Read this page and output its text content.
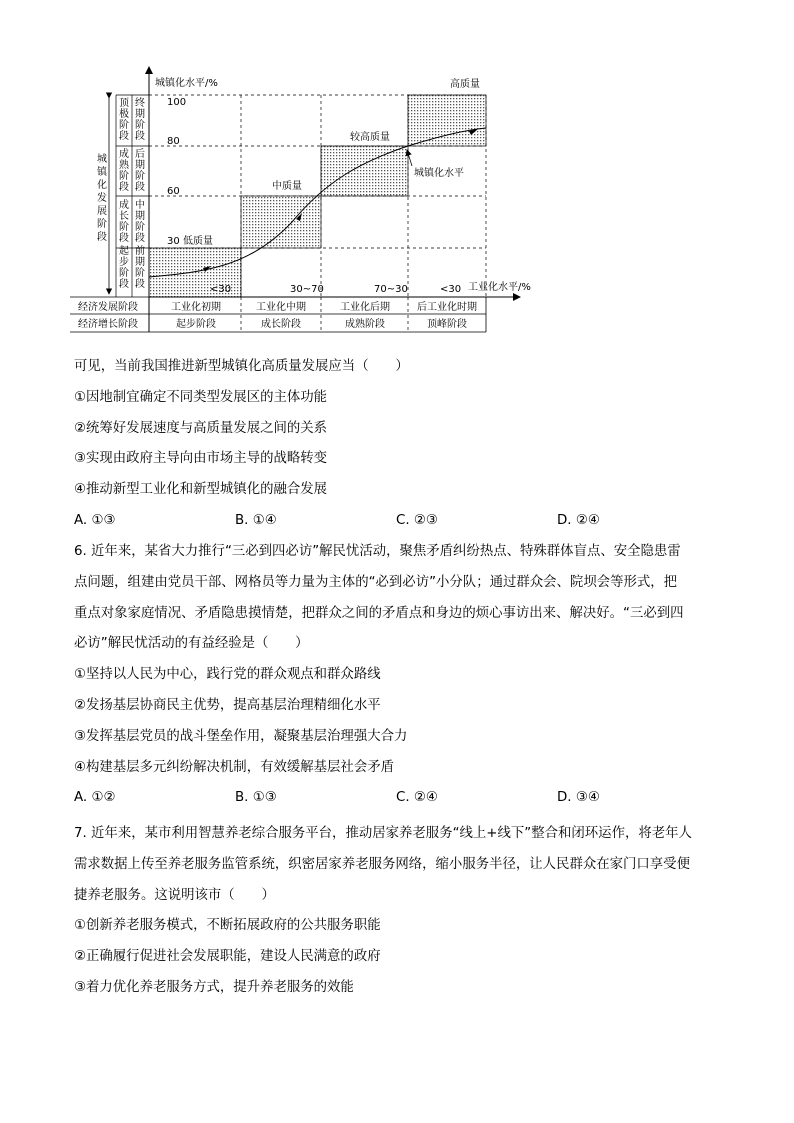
城镇化水平/%
工业化水平/%
100
80
60
30
<30	30~70	70~30	<30
城
镇
化
发
展
阶
段
顶
极
阶
段
成
熟
阶
段
成
长
阶
段
起
步
阶
段
终
期
阶
段
后
期
阶
段
中
期
阶
段
前
期
阶
段
低质量
中质量
较高质量
高质量
城镇化水平
经济发展阶段	工业化初期	工业化中期	工业化后期	后工业化时期
经济增长阶段	起步阶段	成长阶段	成熟阶段	顶峰阶段
可见，当前我国推进新型城镇化高质量发展应当（　　）
①因地制宜确定不同类型发展区的主体功能
②统筹好发展速度与高质量发展之间的关系
③实现由政府主导向由市场主导的战略转变
④推动新型工业化和新型城镇化的融合发展
A. ①③	B. ①④	C. ②③	D. ②④
6. 近年来，某省大力推行“三必到四必访”解民忧活动，聚焦矛盾纠纷热点、特殊群体盲点、安全隐患雷
点问题，组建由党员干部、网格员等力量为主体的“必到必访”小分队；通过群众会、院坝会等形式，把
重点对象家庭情况、矛盾隐患摸情楚，把群众之间的矛盾点和身边的烦心事访出来、解决好。“三必到四
必访”解民忧活动的有益经验是（　　）
①坚持以人民为中心，践行党的群众观点和群众路线
②发扬基层协商民主优势，提高基层治理精细化水平
③发挥基层党员的战斗堡垒作用，凝聚基层治理强大合力
④构建基层多元纠纷解决机制，有效缓解基层社会矛盾
A. ①②	B. ①③	C. ②④	D. ③④
7. 近年来，某市利用智慧养老综合服务平台，推动居家养老服务“线上+线下”整合和闭环运作，将老年人
需求数据上传至养老服务监管系统，织密居家养老服务网络，缩小服务半径，让人民群众在家门口享受便
捷养老服务。这说明该市（　　）
①创新养老服务模式，不断拓展政府的公共服务职能
②正确履行促进社会发展职能，建设人民满意的政府
③着力优化养老服务方式，提升养老服务的效能
